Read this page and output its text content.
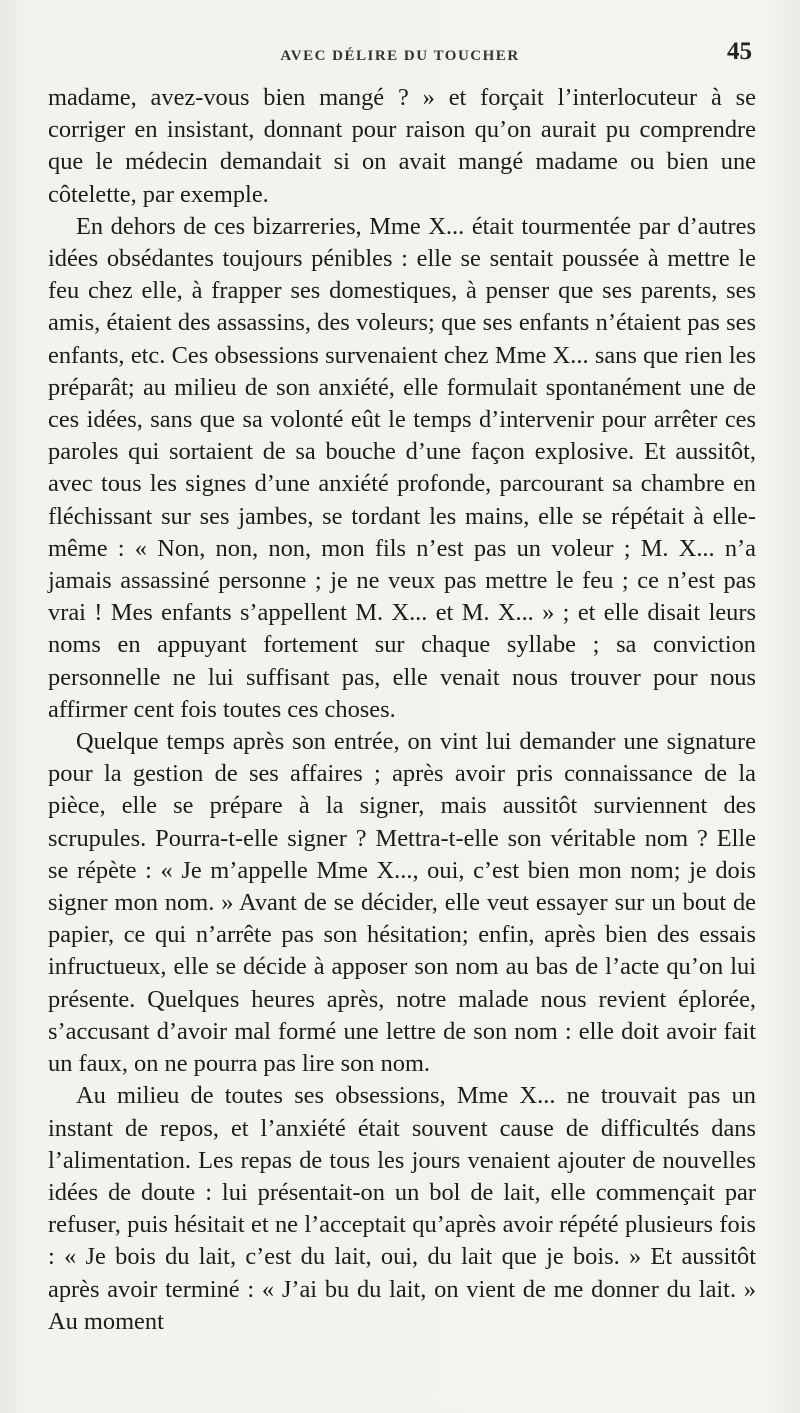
AVEC DÉLIRE DU TOUCHER	45

madame, avez-vous bien mangé ? » et forçait l’interlocuteur à se corriger en insistant, donnant pour raison qu’on aurait pu comprendre que le médecin demandait si on avait mangé madame ou bien une côtelette, par exemple.

En dehors de ces bizarreries, Mme X... était tourmentée par d’autres idées obsédantes toujours pénibles : elle se sentait poussée à mettre le feu chez elle, à frapper ses domestiques, à penser que ses parents, ses amis, étaient des assassins, des voleurs; que ses enfants n’étaient pas ses enfants, etc. Ces obsessions survenaient chez Mme X... sans que rien les préparât; au milieu de son anxiété, elle formulait spontanément une de ces idées, sans que sa volonté eût le temps d’intervenir pour arrêter ces paroles qui sortaient de sa bouche d’une façon explosive. Et aussitôt, avec tous les signes d’une anxiété profonde, parcourant sa chambre en fléchissant sur ses jambes, se tordant les mains, elle se répétait à elle-même : « Non, non, non, mon fils n’est pas un voleur ; M. X... n’a jamais assassiné personne ; je ne veux pas mettre le feu ; ce n’est pas vrai ! Mes enfants s’appellent M. X... et M. X... » ; et elle disait leurs noms en appuyant fortement sur chaque syllabe ; sa conviction personnelle ne lui suffisant pas, elle venait nous trouver pour nous affirmer cent fois toutes ces choses.

Quelque temps après son entrée, on vint lui demander une signature pour la gestion de ses affaires ; après avoir pris connaissance de la pièce, elle se prépare à la signer, mais aussitôt surviennent des scrupules. Pourra-t-elle signer ? Mettra-t-elle son véritable nom ? Elle se répète : « Je m’appelle Mme X..., oui, c’est bien mon nom; je dois signer mon nom. » Avant de se décider, elle veut essayer sur un bout de papier, ce qui n’arrête pas son hésitation; enfin, après bien des essais infructueux, elle se décide à apposer son nom au bas de l’acte qu’on lui présente. Quelques heures après, notre malade nous revient éplorée, s’accusant d’avoir mal formé une lettre de son nom : elle doit avoir fait un faux, on ne pourra pas lire son nom.

Au milieu de toutes ses obsessions, Mme X... ne trouvait pas un instant de repos, et l’anxiété était souvent cause de difficultés dans l’alimentation. Les repas de tous les jours venaient ajouter de nouvelles idées de doute : lui présentait-on un bol de lait, elle commençait par refuser, puis hésitait et ne l’acceptait qu’après avoir répété plusieurs fois : « Je bois du lait, c’est du lait, oui, du lait que je bois. » Et aussitôt après avoir terminé : « J’ai bu du lait, on vient de me donner du lait. » Au moment
